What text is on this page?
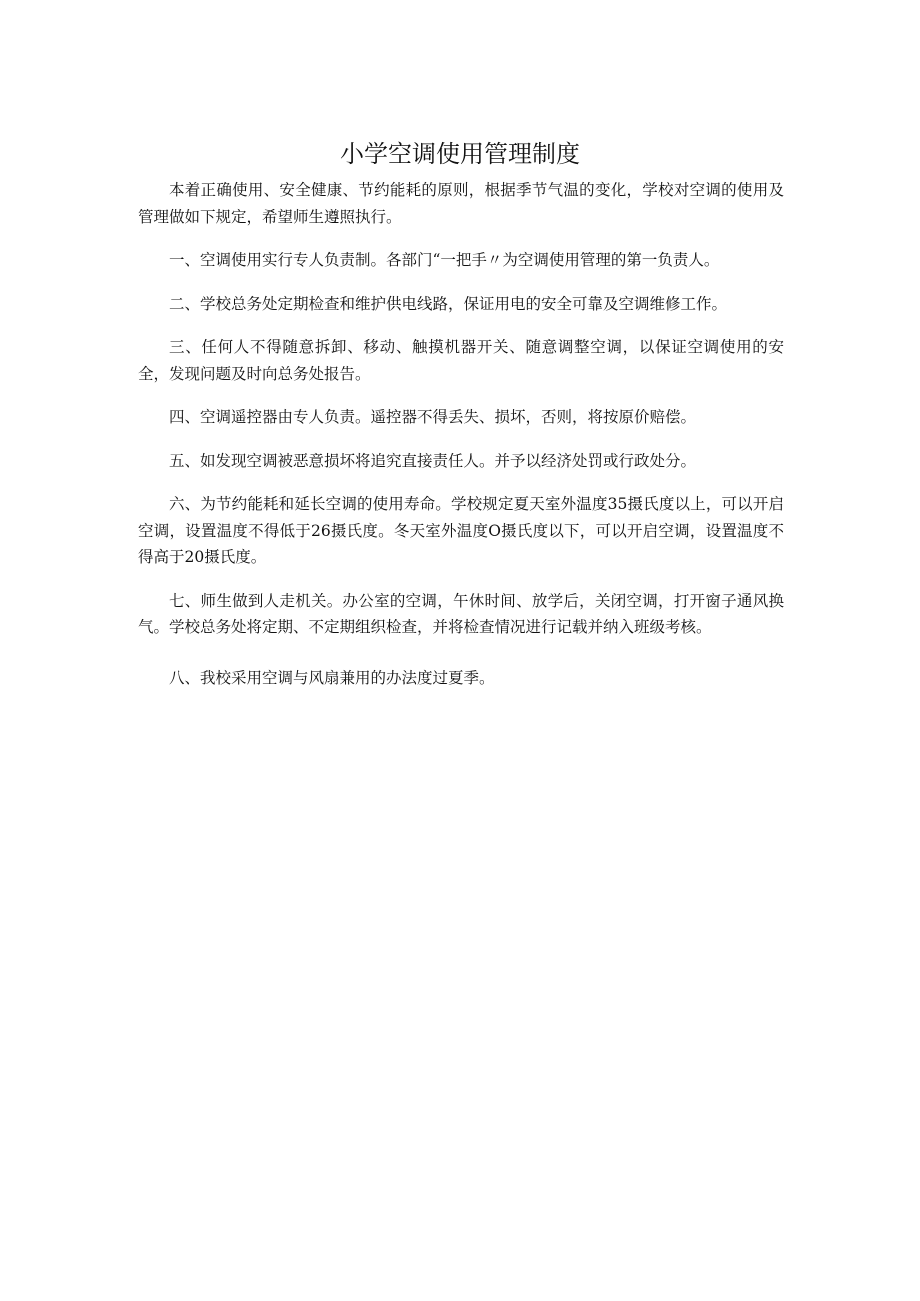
小学空调使用管理制度

本着正确使用、安全健康、节约能耗的原则，根据季节气温的变化，学校对空调的使用及管理做如下规定，希望师生遵照执行。

一、空调使用实行专人负责制。各部门“一把手〃为空调使用管理的第一负责人。

二、学校总务处定期检查和维护供电线路，保证用电的安全可靠及空调维修工作。

三、任何人不得随意拆卸、移动、触摸机器开关、随意调整空调，以保证空调使用的安全，发现问题及时向总务处报告。

四、空调遥控器由专人负责。遥控器不得丢失、损坏，否则，将按原价赔偿。

五、如发现空调被恶意损坏将追究直接责任人。并予以经济处罚或行政处分。

六、为节约能耗和延长空调的使用寿命。学校规定夏天室外温度35摄氏度以上，可以开启空调，设置温度不得低于26摄氏度。冬天室外温度O摄氏度以下，可以开启空调，设置温度不得高于20摄氏度。

七、师生做到人走机关。办公室的空调，午休时间、放学后，关闭空调，打开窗子通风换气。学校总务处将定期、不定期组织检查，并将检查情况进行记载并纳入班级考核。

八、我校采用空调与风扇兼用的办法度过夏季。
